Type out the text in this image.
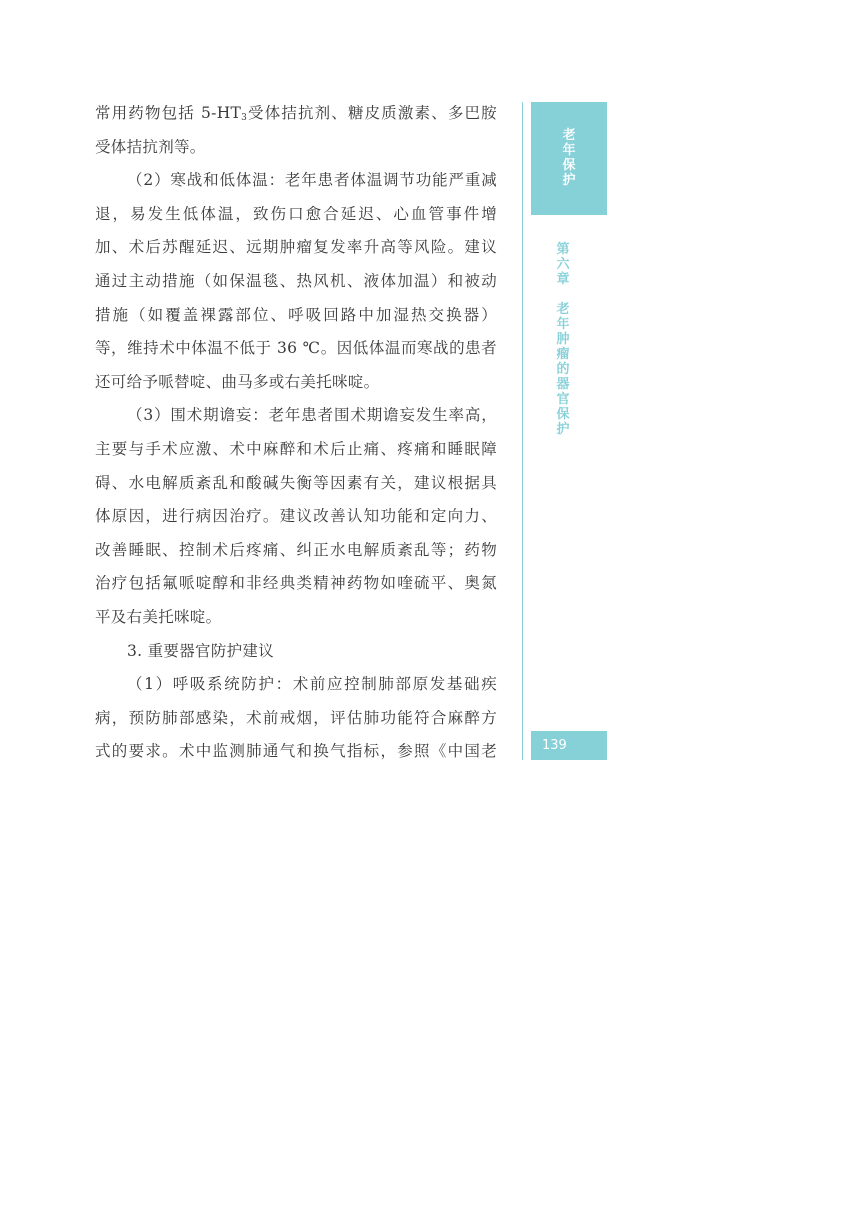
常用药物包括 $5-HT_3$受体拮抗剂、糖皮质激素、多巴胺
受体拮抗剂等。
（2）寒战和低体温：老年患者体温调节功能严重减
退，易发生低体温，致伤口愈合延迟、心血管事件增
加、术后苏醒延迟、远期肿瘤复发率升高等风险。建议
通过主动措施（如保温毯、热风机、液体加温）和被动
措施（如覆盖裸露部位、呼吸回路中加湿热交换器）
等，维持术中体温不低于 36 ℃。因低体温而寒战的患者
还可给予哌替啶、曲马多或右美托咪啶。
（3）围术期谵妄：老年患者围术期谵妄发生率高，
主要与手术应激、术中麻醉和术后止痛、疼痛和睡眠障
碍、水电解质紊乱和酸碱失衡等因素有关，建议根据具
体原因，进行病因治疗。建议改善认知功能和定向力、
改善睡眠、控制术后疼痛、纠正水电解质紊乱等；药物
治疗包括氟哌啶醇和非经典类精神药物如喹硫平、奥氮
平及右美托咪啶。
3. 重要器官防护建议
（1）呼吸系统防护：术前应控制肺部原发基础疾
病，预防肺部感染，术前戒烟，评估肺功能符合麻醉方
式的要求。术中监测肺通气和换气指标，参照《中国老
老年保护
第六章
老年肿瘤的器官保护
139
